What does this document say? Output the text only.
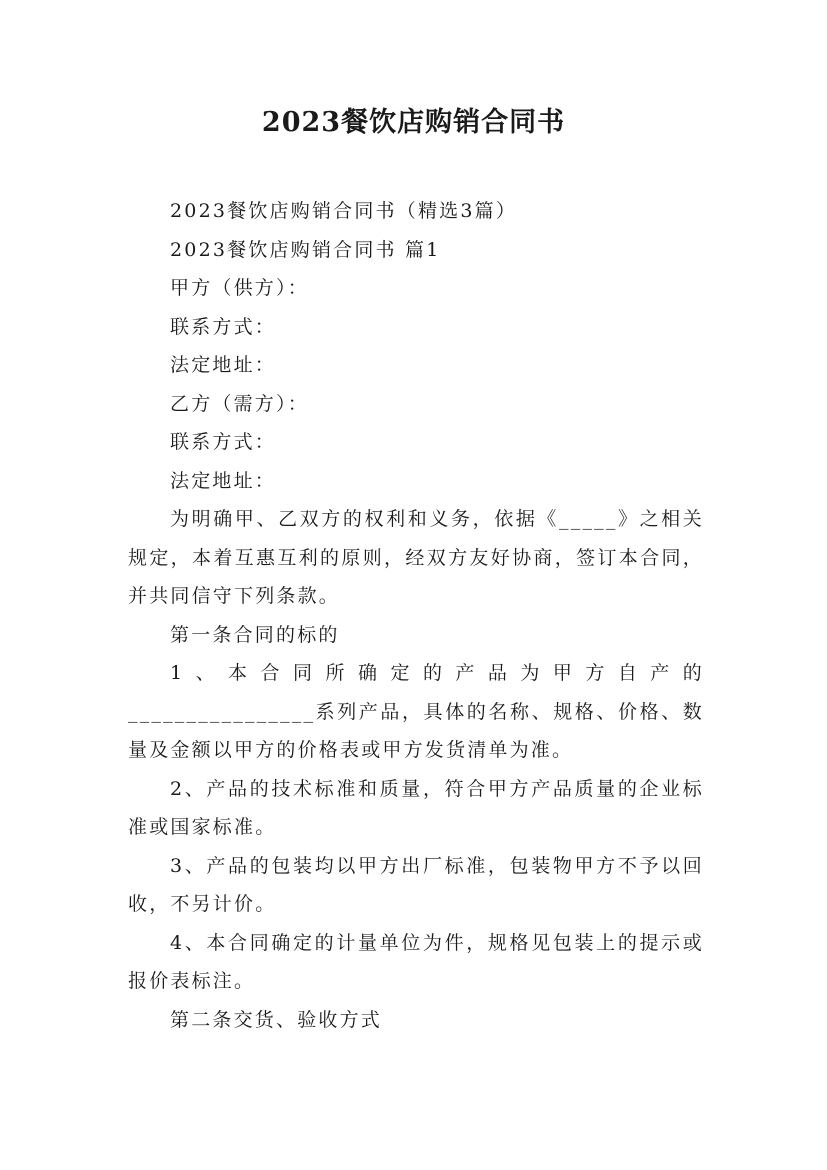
2023餐饮店购销合同书

2023餐饮店购销合同书（精选3篇）

2023餐饮店购销合同书 篇1

甲方（供方）：

联系方式：

法定地址：

乙方（需方）：

联系方式：

法定地址：

为明确甲、乙双方的权利和义务，依据《_____》之相关规定，本着互惠互利的原则，经双方友好协商，签订本合同，并共同信守下列条款。

第一条合同的标的

1、本合同所确定的产品为甲方自产的________________系列产品，具体的名称、规格、价格、数量及金额以甲方的价格表或甲方发货清单为准。

2、产品的技术标准和质量，符合甲方产品质量的企业标准或国家标准。

3、产品的包装均以甲方出厂标准，包装物甲方不予以回收，不另计价。

4、本合同确定的计量单位为件，规格见包装上的提示或报价表标注。

第二条交货、验收方式
